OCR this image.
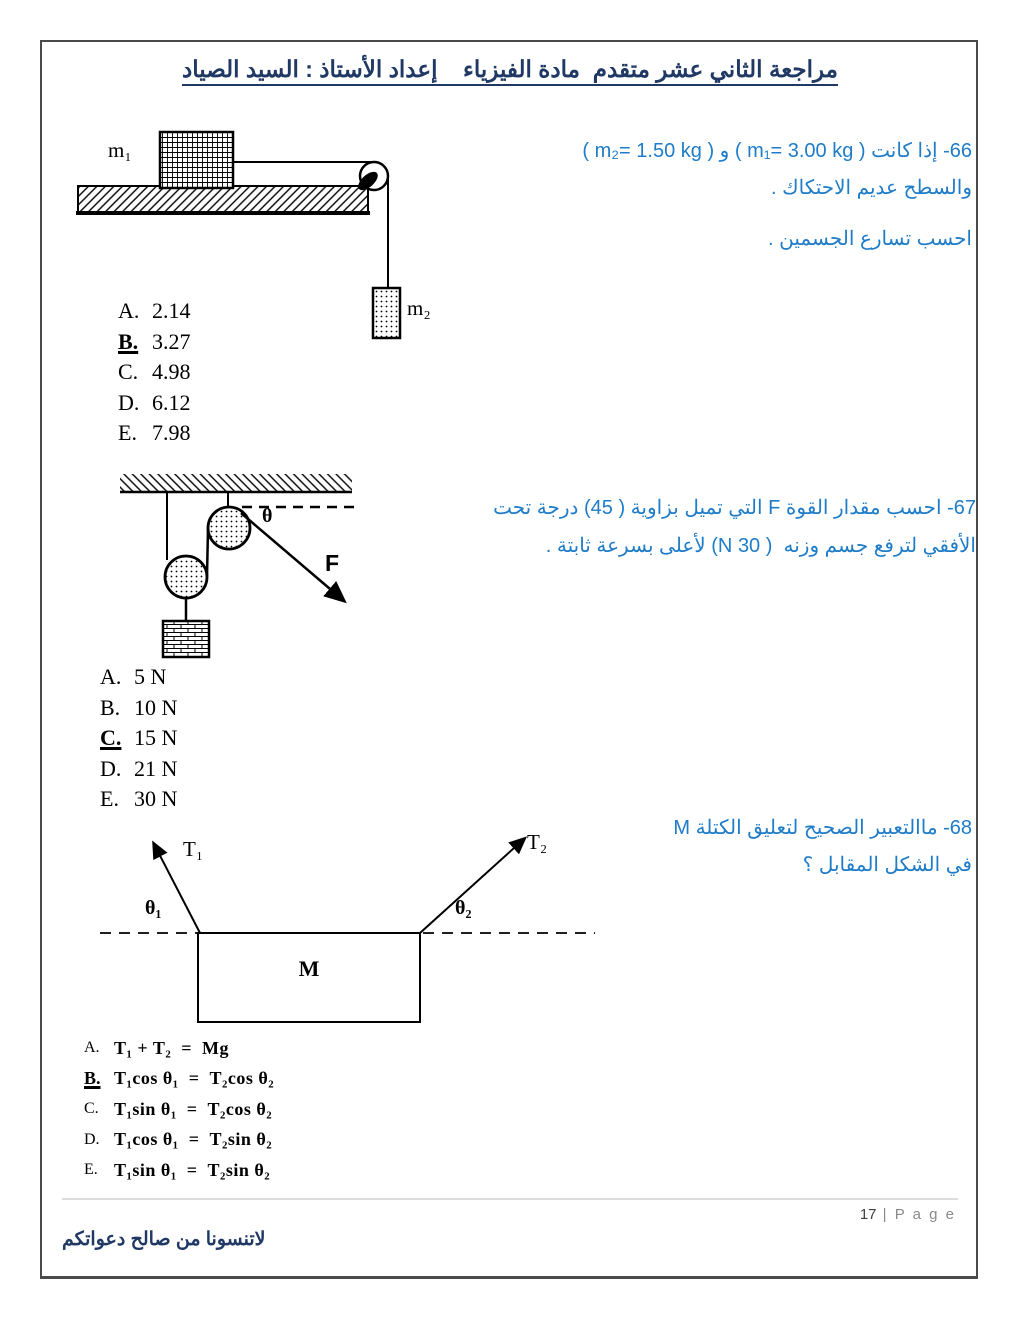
مراجعة الثاني عشر متقدم  مادة الفيزياء    إعداد الأستاذ : السيد الصياد

66- إذا كانت ( m₁= 3.00 kg ) و ( m₂= 1.50 kg )

والسطح عديم الاحتكاك .

احسب تسارع الجسمين .

m₁
m₂
A. 2.14
B. 3.27
C. 4.98
D. 6.12
E. 7.98

67- احسب مقدار القوة F التي تميل بزاوية ( 45) درجة تحت

الأفقي لترفع جسم وزنه  ( 30 N) لأعلى بسرعة ثابتة .

θ
F
A. 5 N
B. 10 N
C. 15 N
D. 21 N
E. 30 N

68- ماالتعبير الصحيح لتعليق الكتلة M

في الشكل المقابل ؟

T₁	T₂
θ₁	θ₂
M
A. T₁ + T₂  =  Mg
B. T₁cos θ₁  =  T₂cos θ₂
C. T₁sin θ₁  =  T₂cos θ₂
D. T₁cos θ₁  =  T₂sin θ₂
E. T₁sin θ₁  =  T₂sin θ₂
17 | P a g e
لاتنسونا من صالح دعواتكم
